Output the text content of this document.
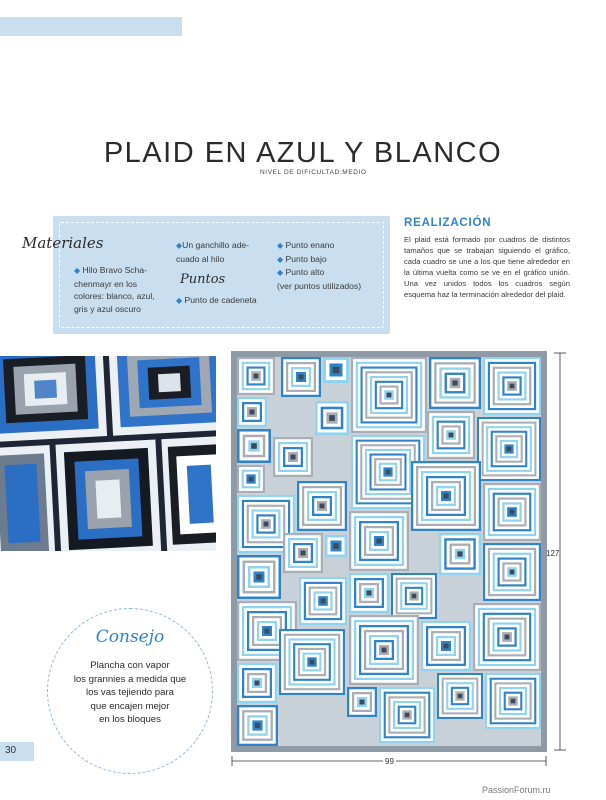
PLAID EN AZUL Y BLANCO
NIVEL DE DIFICULTAD:MEDIO
Materiales
◆ Hilo Bravo Scha-
chenmayr en los
colores: blanco, azul,
gris y azul oscuro
◆Un ganchillo ade-
cuado al hilo
Puntos
◆ Punto de cadeneta
◆ Punto enano
◆ Punto bajo
◆ Punto alto
(ver puntos utilizados)
REALIZACIÓN
El plaid está formado por cuadros de distintos tamaños que se trabajan siguiendo el gráfico, cada cuadro se une a los que tiene alrededor en la última vuelta como se ve en el gráfico unión. Una vez unidos todos los cuadros según esquema haz la terminación alrededor del plaid.
Consejo
Plancha con vapor
los grannies a medida que
los vas tejiendo para
que encajen mejor
en los bloques
30
127
99
PassionForum.ru
